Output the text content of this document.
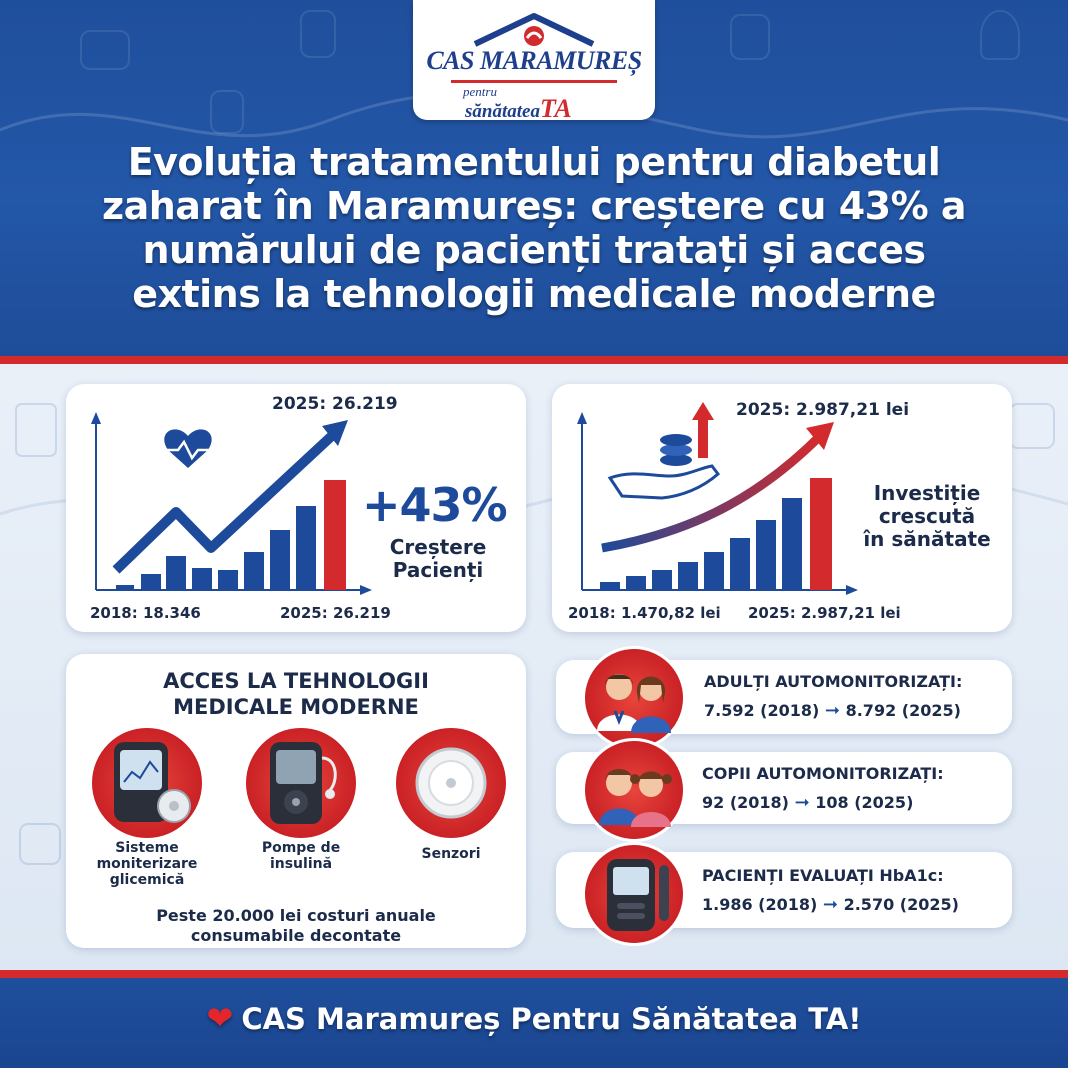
CAS MARAMUREȘ
pentru
sănătateaTA
Evoluția tratamentului pentru diabetul
zaharat în Maramureș: creștere cu 43% a
numărului de pacienți tratați și acces
extins la tehnologii medicale moderne
2025: 26.219
2018: 18.346	2025: 26.219
+43%
Creștere
Pacienți
2025: 2.987,21 lei
2018: 1.470,82 lei 2025: 2.987,21 lei
Investiție
crescută
în sănătate
ACCES LA TEHNOLOGII
MEDICALE MODERNE
Sisteme
moniterizare
glicemică
Pompe de
insulină
Senzori
Peste 20.000 lei costuri anuale
consumabile decontate
ADULȚI AUTOMONITORIZAȚI:
7.592 (2018) ➞ 8.792 (2025)
COPII AUTOMONITORIZAȚI:
92 (2018) ➞ 108 (2025)
PACIENȚI EVALUAȚI HbA1c:
1.986 (2018) ➞ 2.570 (2025)
❤ CAS Maramureș Pentru Sănătatea TA!
